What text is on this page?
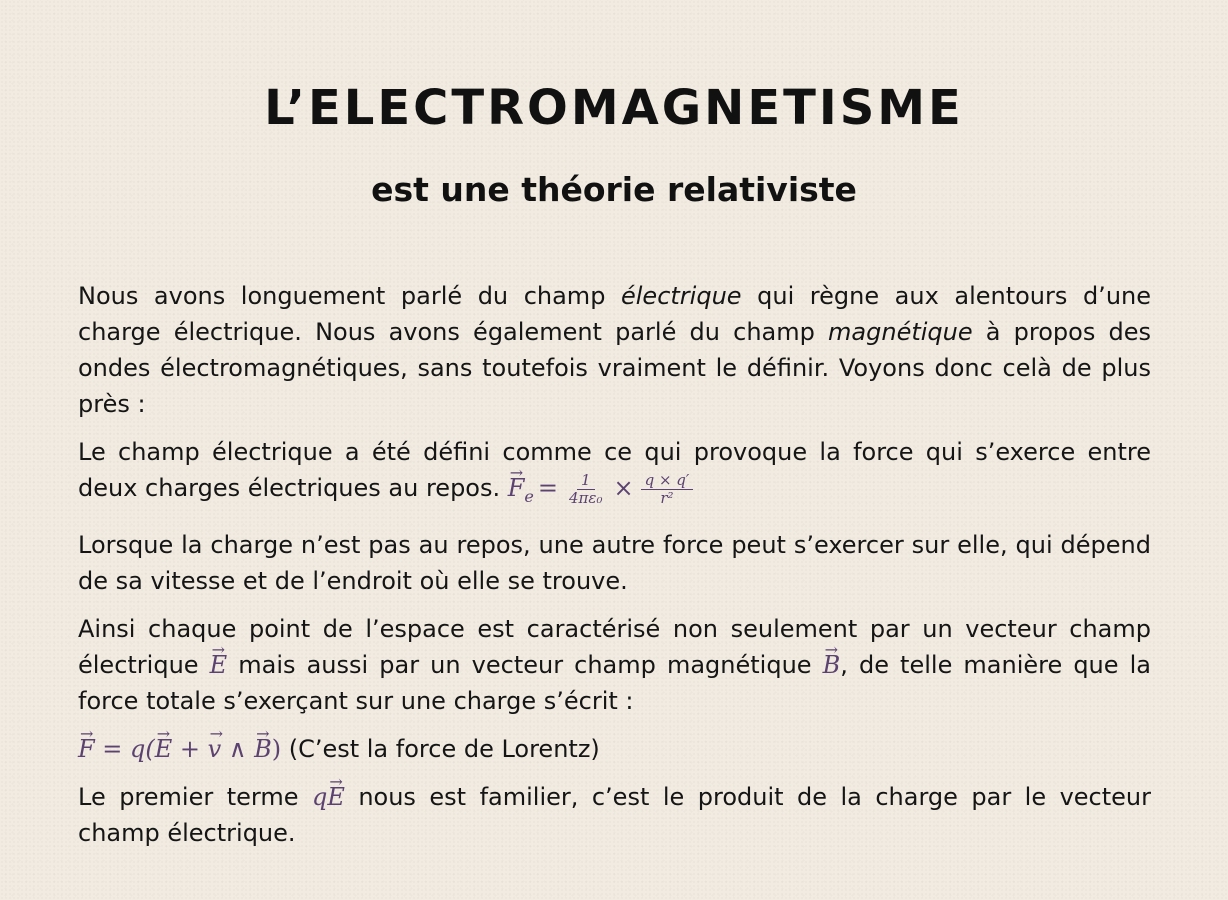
L’ELECTROMAGNETISME
est une théorie relativiste

Nous avons longuement parlé du champ électrique qui règne aux alentours d’une charge électrique. Nous avons également parlé du champ magnétique à propos des ondes électromagnétiques, sans toutefois vraiment le définir. Voyons donc celà de plus près :

Le champ électrique a été défini comme ce qui provoque la force qui s’exerce entre deux charges électriques au repos. → $F_e = \frac{1}{\text{4πε₀}} \times \frac{q \times q'}{\text{r²}}$

Lorsque la charge n’est pas au repos, une autre force peut s’exercer sur elle, qui dépend de sa vitesse et de l’endroit où elle se trouve.

Ainsi chaque point de l’espace est caractérisé non seulement par un vecteur champ électrique → E mais aussi par un vecteur champ magnétique → B, de telle manière que la force totale s’exerçant sur une charge s’écrit :

→ F = q(→ E + → v ∧ → B) (C’est la force de Lorentz)

Le premier terme q→ E nous est familier, c’est le produit de la charge par le vecteur champ électrique.
